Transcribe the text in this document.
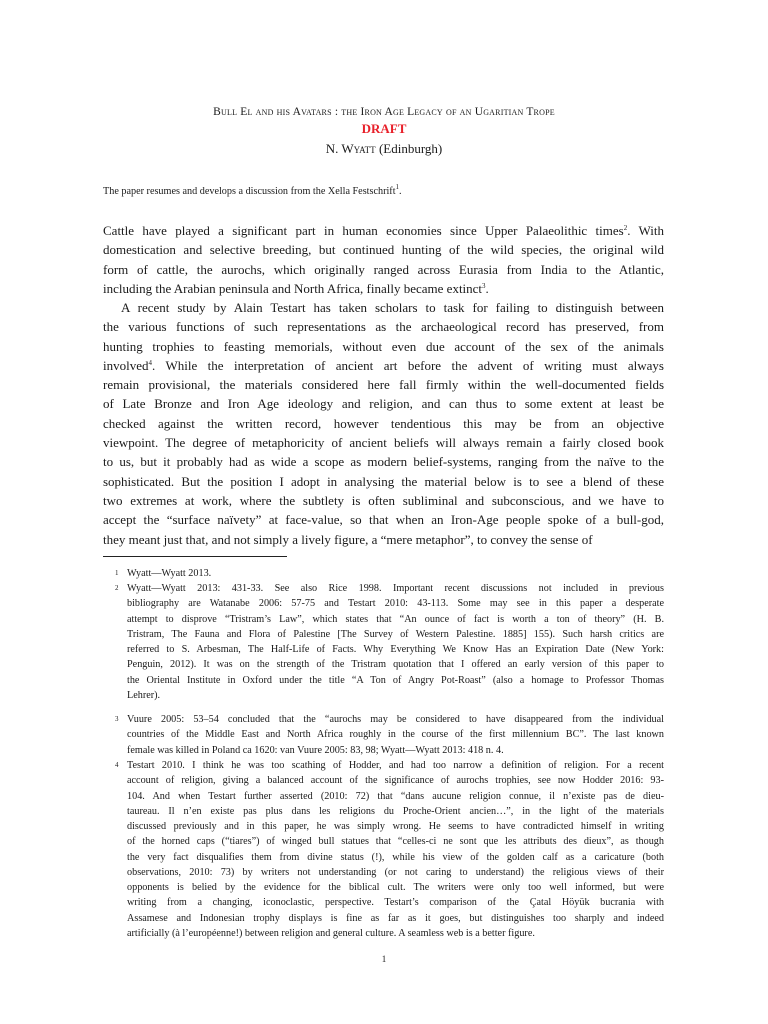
Bull El and his Avatars : the Iron Age Legacy of an Ugaritian Trope
DRAFT
N. Wyatt (Edinburgh)
The paper resumes and develops a discussion from the Xella Festschrift$^1$.
Cattle have played a significant part in human economies since Upper Palaeolithic times$^2$. With
domestication and selective breeding, but continued hunting of the wild species, the original wild
form of cattle, the aurochs, which originally ranged across Eurasia from India to the Atlantic,
including the Arabian peninsula and North Africa, finally became extinct$^3$.
A recent study by Alain Testart has taken scholars to task for failing to distinguish between
the various functions of such representations as the archaeological record has preserved, from
hunting trophies to feasting memorials, without even due account of the sex of the animals
involved$^4$. While the interpretation of ancient art before the advent of writing must always
remain provisional, the materials considered here fall firmly within the well-documented fields
of Late Bronze and Iron Age ideology and religion, and can thus to some extent at least be
checked against the written record, however tendentious this may be from an objective
viewpoint. The degree of metaphoricity of ancient beliefs will always remain a fairly closed book
to us, but it probably had as wide a scope as modern belief-systems, ranging from the naïve to the
sophisticated. But the position I adopt in analysing the material below is to see a blend of these
two extremes at work, where the subtlety is often subliminal and subconscious, and we have to
accept the “surface naïvety” at face-value, so that when an Iron-Age people spoke of a bull-god,
they meant just that, and not simply a lively figure, a “mere metaphor”, to convey the sense of
1 Wyatt—Wyatt 2013.
2 Wyatt—Wyatt 2013: 431-33. See also Rice 1998. Important recent discussions not included in previous
bibliography are Watanabe 2006: 57-75 and Testart 2010: 43-113. Some may see in this paper a desperate
attempt to disprove “Tristram’s Law”, which states that “An ounce of fact is worth a ton of theory” (H. B.
Tristram, The Fauna and Flora of Palestine [The Survey of Western Palestine. 1885] 155). Such harsh critics are
referred to S. Arbesman, The Half-Life of Facts. Why Everything We Know Has an Expiration Date (New York:
Penguin, 2012). It was on the strength of the Tristram quotation that I offered an early version of this paper to
the Oriental Institute in Oxford under the title “A Ton of Angry Pot-Roast” (also a homage to Professor Thomas
Lehrer).
3 Vuure 2005: 53–54 concluded that the “aurochs may be considered to have disappeared from the individual
countries of the Middle East and North Africa roughly in the course of the first millennium BC”. The last known
female was killed in Poland ca 1620: van Vuure 2005: 83, 98; Wyatt—Wyatt 2013: 418 n. 4.
4 Testart 2010. I think he was too scathing of Hodder, and had too narrow a definition of religion. For a recent
account of religion, giving a balanced account of the significance of aurochs trophies, see now Hodder 2016: 93-
104. And when Testart further asserted (2010: 72) that “dans aucune religion connue, il n’existe pas de dieu-
taureau. Il n’en existe pas plus dans les religions du Proche-Orient ancien…”, in the light of the materials
discussed previously and in this paper, he was simply wrong. He seems to have contradicted himself in writing
of the horned caps (“tiares”) of winged bull statues that “celles-ci ne sont que les attributs des dieux”, as though
the very fact disqualifies them from divine status (!), while his view of the golden calf as a caricature (both
observations, 2010: 73) by writers not understanding (or not caring to understand) the religious views of their
opponents is belied by the evidence for the biblical cult. The writers were only too well informed, but were
writing from a changing, iconoclastic, perspective. Testart’s comparison of the Çatal Höyük bucrania with
Assamese and Indonesian trophy displays is fine as far as it goes, but distinguishes too sharply and indeed
artificially (à l’européenne!) between religion and general culture. A seamless web is a better figure.
1
